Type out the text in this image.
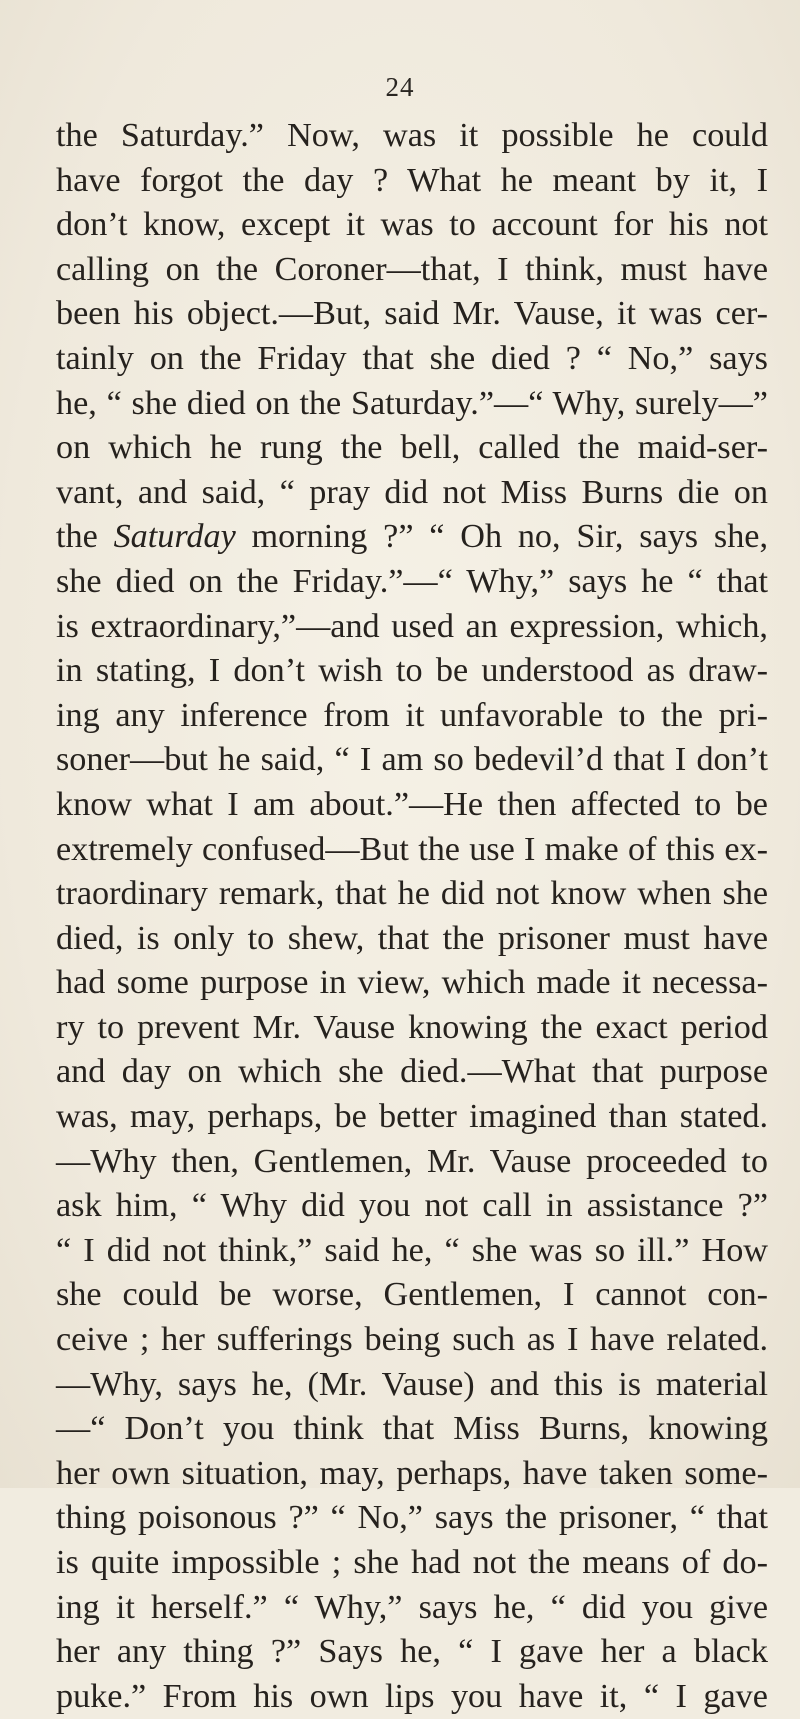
24
the Saturday.” Now, was it possible he could
have forgot the day ? What he meant by it, I
don’t know, except it was to account for his not
calling on the Coroner—that, I think, must have
been his object.—But, said Mr. Vause, it was cer-
tainly on the Friday that she died ? “ No,” says
he, “ she died on the Saturday.”—“ Why, surely—”
on which he rung the bell, called the maid-ser-
vant, and said, “ pray did not Miss Burns die on
the Saturday morning ?” “ Oh no, Sir, says she,
she died on the Friday.”—“ Why,” says he “ that
is extraordinary,”—and used an expression, which,
in stating, I don’t wish to be understood as draw-
ing any inference from it unfavorable to the pri-
soner—but he said, “ I am so bedevil’d that I don’t
know what I am about.”—He then affected to be
extremely confused—But the use I make of this ex-
traordinary remark, that he did not know when she
died, is only to shew, that the prisoner must have
had some purpose in view, which made it necessa-
ry to prevent Mr. Vause knowing the exact period
and day on which she died.—What that purpose
was, may, perhaps, be better imagined than stated.
—Why then, Gentlemen, Mr. Vause proceeded to
ask him, “ Why did you not call in assistance ?”
“ I did not think,” said he, “ she was so ill.” How
she could be worse, Gentlemen, I cannot con-
ceive ; her sufferings being such as I have related.
—Why, says he, (Mr. Vause) and this is material
—“ Don’t you think that Miss Burns, knowing
her own situation, may, perhaps, have taken some-
thing poisonous ?” “ No,” says the prisoner, “ that
is quite impossible ; she had not the means of do-
ing it herself.” “ Why,” says he, “ did you give
her any thing ?” Says he, “ I gave her a black
puke.” From his own lips you have it, “ I gave
